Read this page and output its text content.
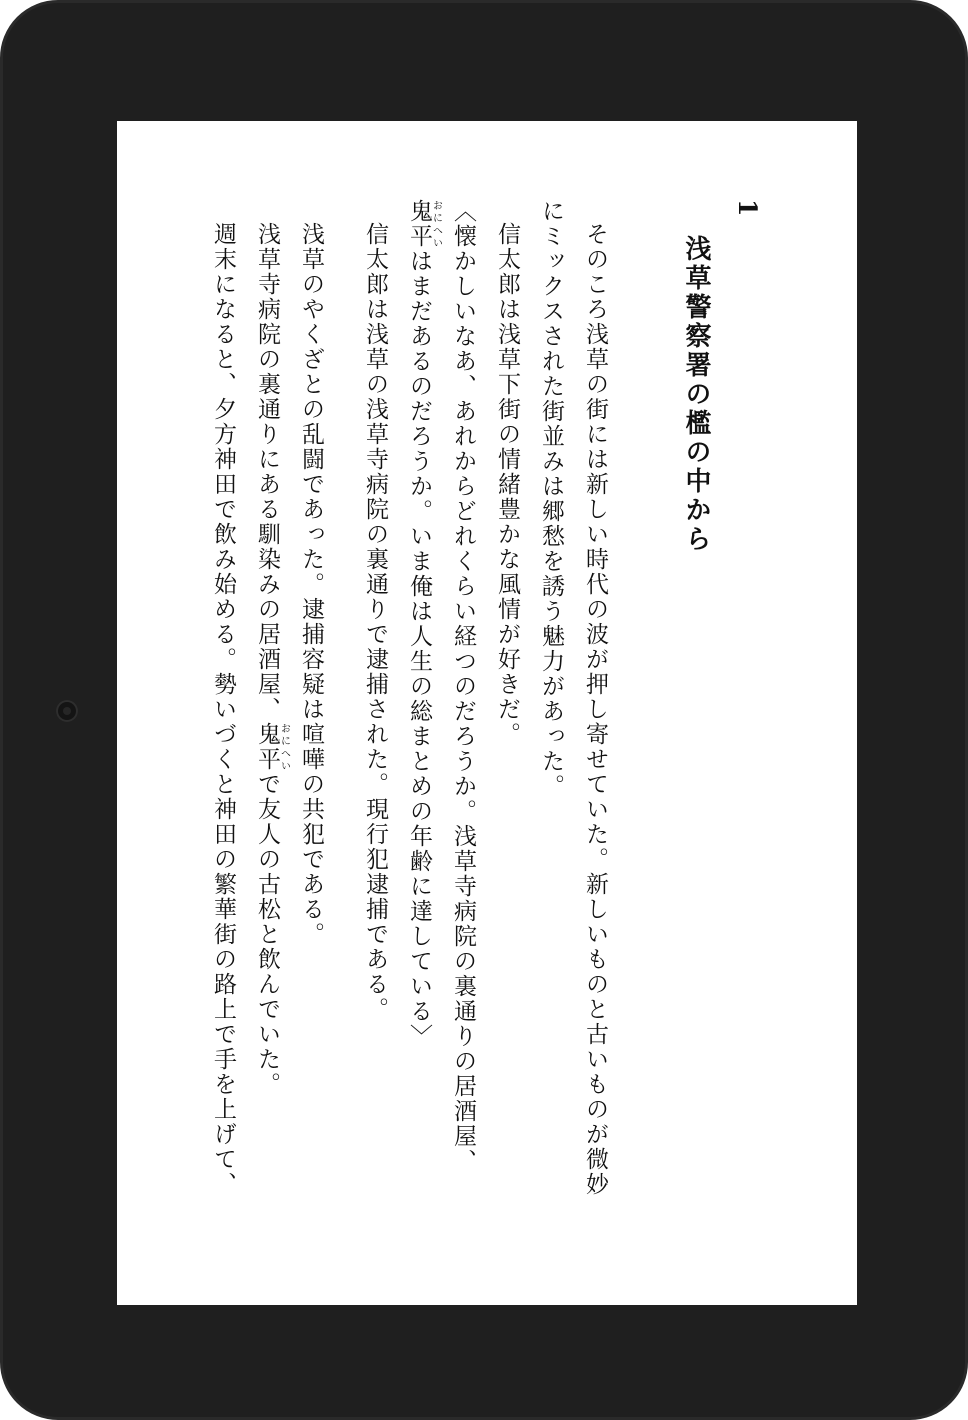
1
浅草警察署の檻の中から

そのころ浅草の街には新しい時代の波が押し寄せていた。新しいものと古いものが微妙にミックスされた街並みは郷愁を誘う魅力があった。

信太郎は浅草下街の情緒豊かな風情が好きだ。

〈懐かしいなあ、あれからどれくらい経つのだろうか。浅草寺病院の裏通りの居酒屋、鬼平おにへいはまだあるのだろうか。いま俺は人生の総まとめの年齢に達している〉

信太郎は浅草の浅草寺病院の裏通りで逮捕された。現行犯逮捕である。

浅草のやくざとの乱闘であった。逮捕容疑は喧嘩の共犯である。

浅草寺病院の裏通りにある馴染みの居酒屋、鬼平おにへいで友人の古松と飲んでいた。

週末になると、夕方神田で飲み始める。勢いづくと神田の繁華街の路上で手を上げて、
